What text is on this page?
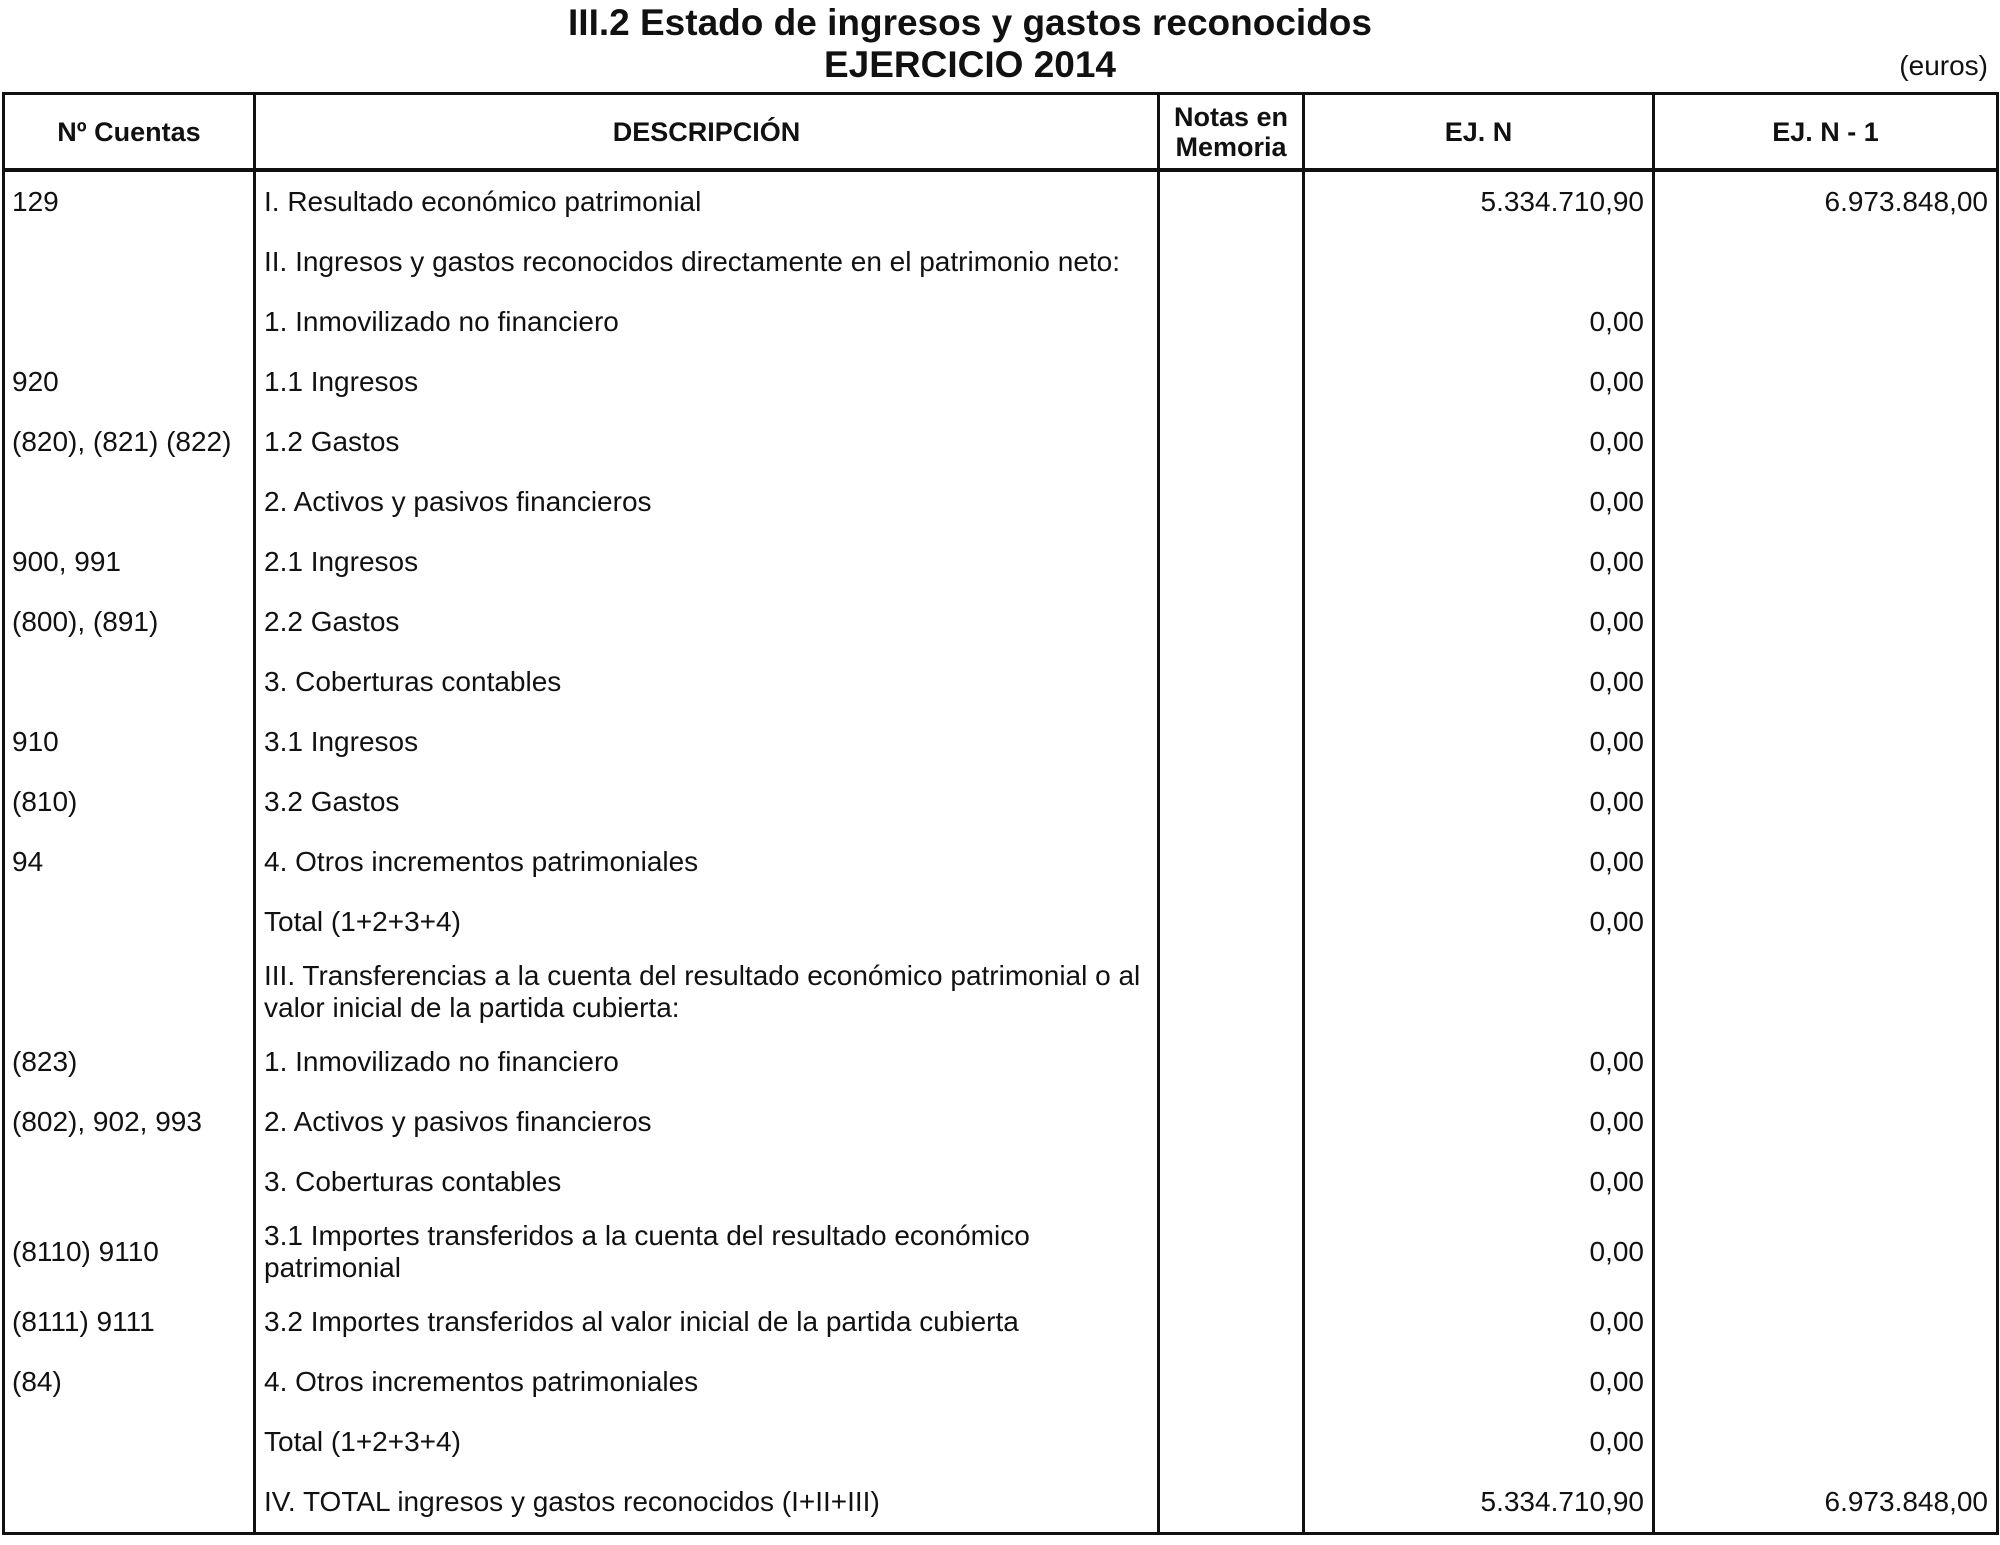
III.2 Estado de ingresos y gastos reconocidos
EJERCICIO 2014	(euros)
Nº Cuentas	DESCRIPCIÓN	Notas en Memoria	EJ. N	EJ. N - 1
129	I. Resultado económico patrimonial		5.334.710,90	6.973.848,00
	II. Ingresos y gastos reconocidos directamente en el patrimonio neto:			
	1. Inmovilizado no financiero		0,00	
920	1.1 Ingresos		0,00	
(820), (821) (822)	1.2 Gastos		0,00	
	2. Activos y pasivos financieros		0,00	
900, 991	2.1 Ingresos		0,00	
(800), (891)	2.2 Gastos		0,00	
	3. Coberturas contables		0,00	
910	3.1 Ingresos		0,00	
(810)	3.2 Gastos		0,00	
94	4. Otros incrementos patrimoniales		0,00	
	Total (1+2+3+4)		0,00	
	III. Transferencias a la cuenta del resultado económico patrimonial o al valor inicial de la partida cubierta:			
(823)	1. Inmovilizado no financiero		0,00	
(802), 902, 993	2. Activos y pasivos financieros		0,00	
	3. Coberturas contables		0,00	
(8110) 9110	3.1 Importes transferidos a la cuenta del resultado económico patrimonial		0,00	
(8111) 9111	3.2 Importes transferidos al valor inicial de la partida cubierta		0,00	
(84)	4. Otros incrementos patrimoniales		0,00	
	Total (1+2+3+4)		0,00	
	IV. TOTAL ingresos y gastos reconocidos (I+II+III)		5.334.710,90	6.973.848,00
